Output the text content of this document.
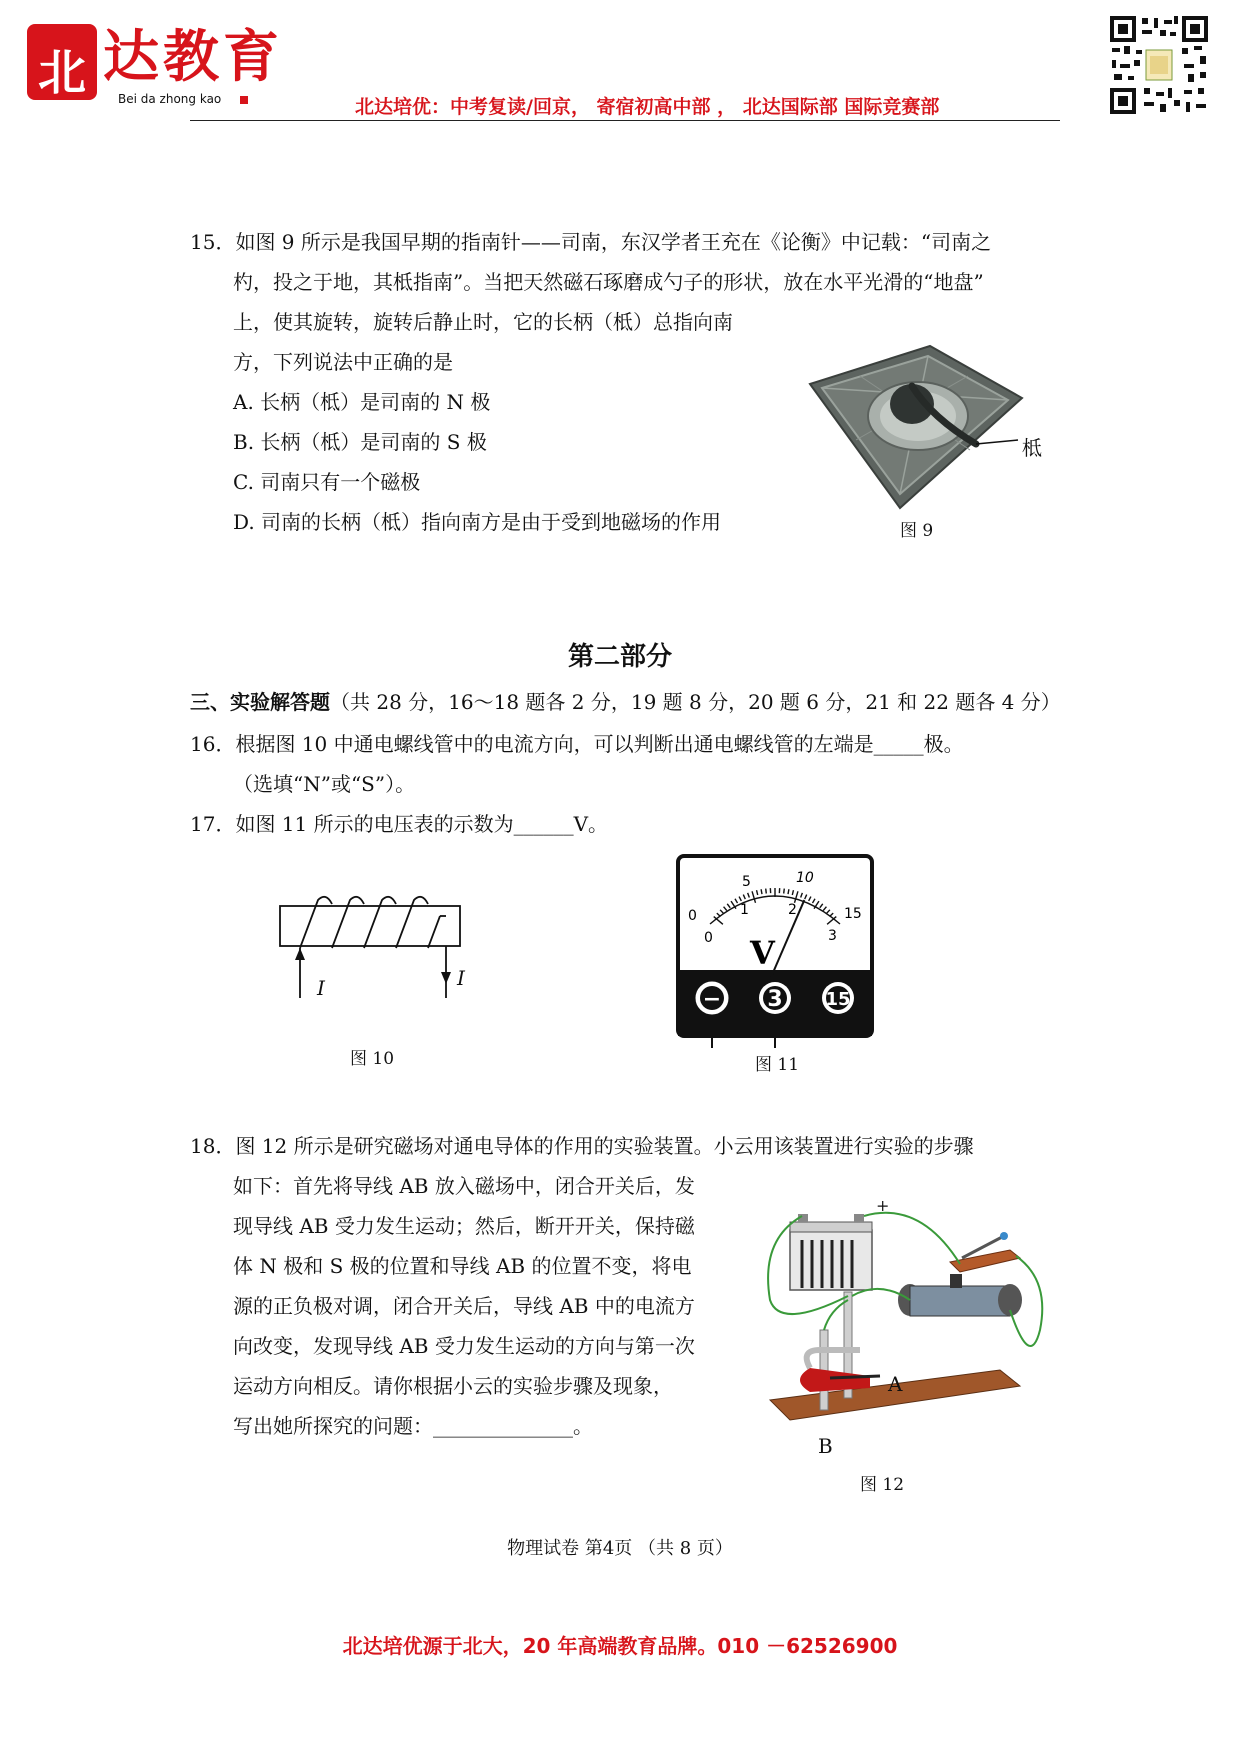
北 达教育
Bei da zhong kao	北达培优：中考复读/回京， 寄宿初高中部 ， 北达国际部 国际竞赛部
15．如图 9 所示是我国早期的指南针——司南，东汉学者王充在《论衡》中记载：“司南之
杓，投之于地，其柢指南”。当把天然磁石琢磨成勺子的形状，放在水平光滑的“地盘”
上，使其旋转，旋转后静止时，它的长柄（柢）总指向南
方，下列说法中正确的是
A. 长柄（柢）是司南的 N 极
B. 长柄（柢）是司南的 S 极
C. 司南只有一个磁极
D. 司南的长柄（柢）指向南方是由于受到地磁场的作用
柢
图 9
第二部分
三、实验解答题（共 28 分，16～18 题各 2 分，19 题 8 分，20 题 6 分，21 和 22 题各 4 分）
16．根据图 10 中通电螺线管中的电流方向，可以判断出通电螺线管的左端是_____极。
（选填“N”或“S”）。
17．如图 11 所示的电压表的示数为______V。
I	I
图 10
0
5	10
15
0
1	2
3
V
− 3 15
图 11
18．图 12 所示是研究磁场对通电导体的作用的实验装置。小云用该装置进行实验的步骤
如下：首先将导线 AB 放入磁场中，闭合开关后，发
现导线 AB 受力发生运动；然后，断开开关，保持磁
体 N 极和 S 极的位置和导线 AB 的位置不变，将电
源的正负极对调，闭合开关后，导线 AB 中的电流方
向改变，发现导线 AB 受力发生运动的方向与第一次
运动方向相反。请你根据小云的实验步骤及现象，
写出她所探究的问题：______________。
+
A
B
图 12
物理试卷 第4页 （共 8 页）
北达培优源于北大，20 年高端教育品牌。010 －62526900
